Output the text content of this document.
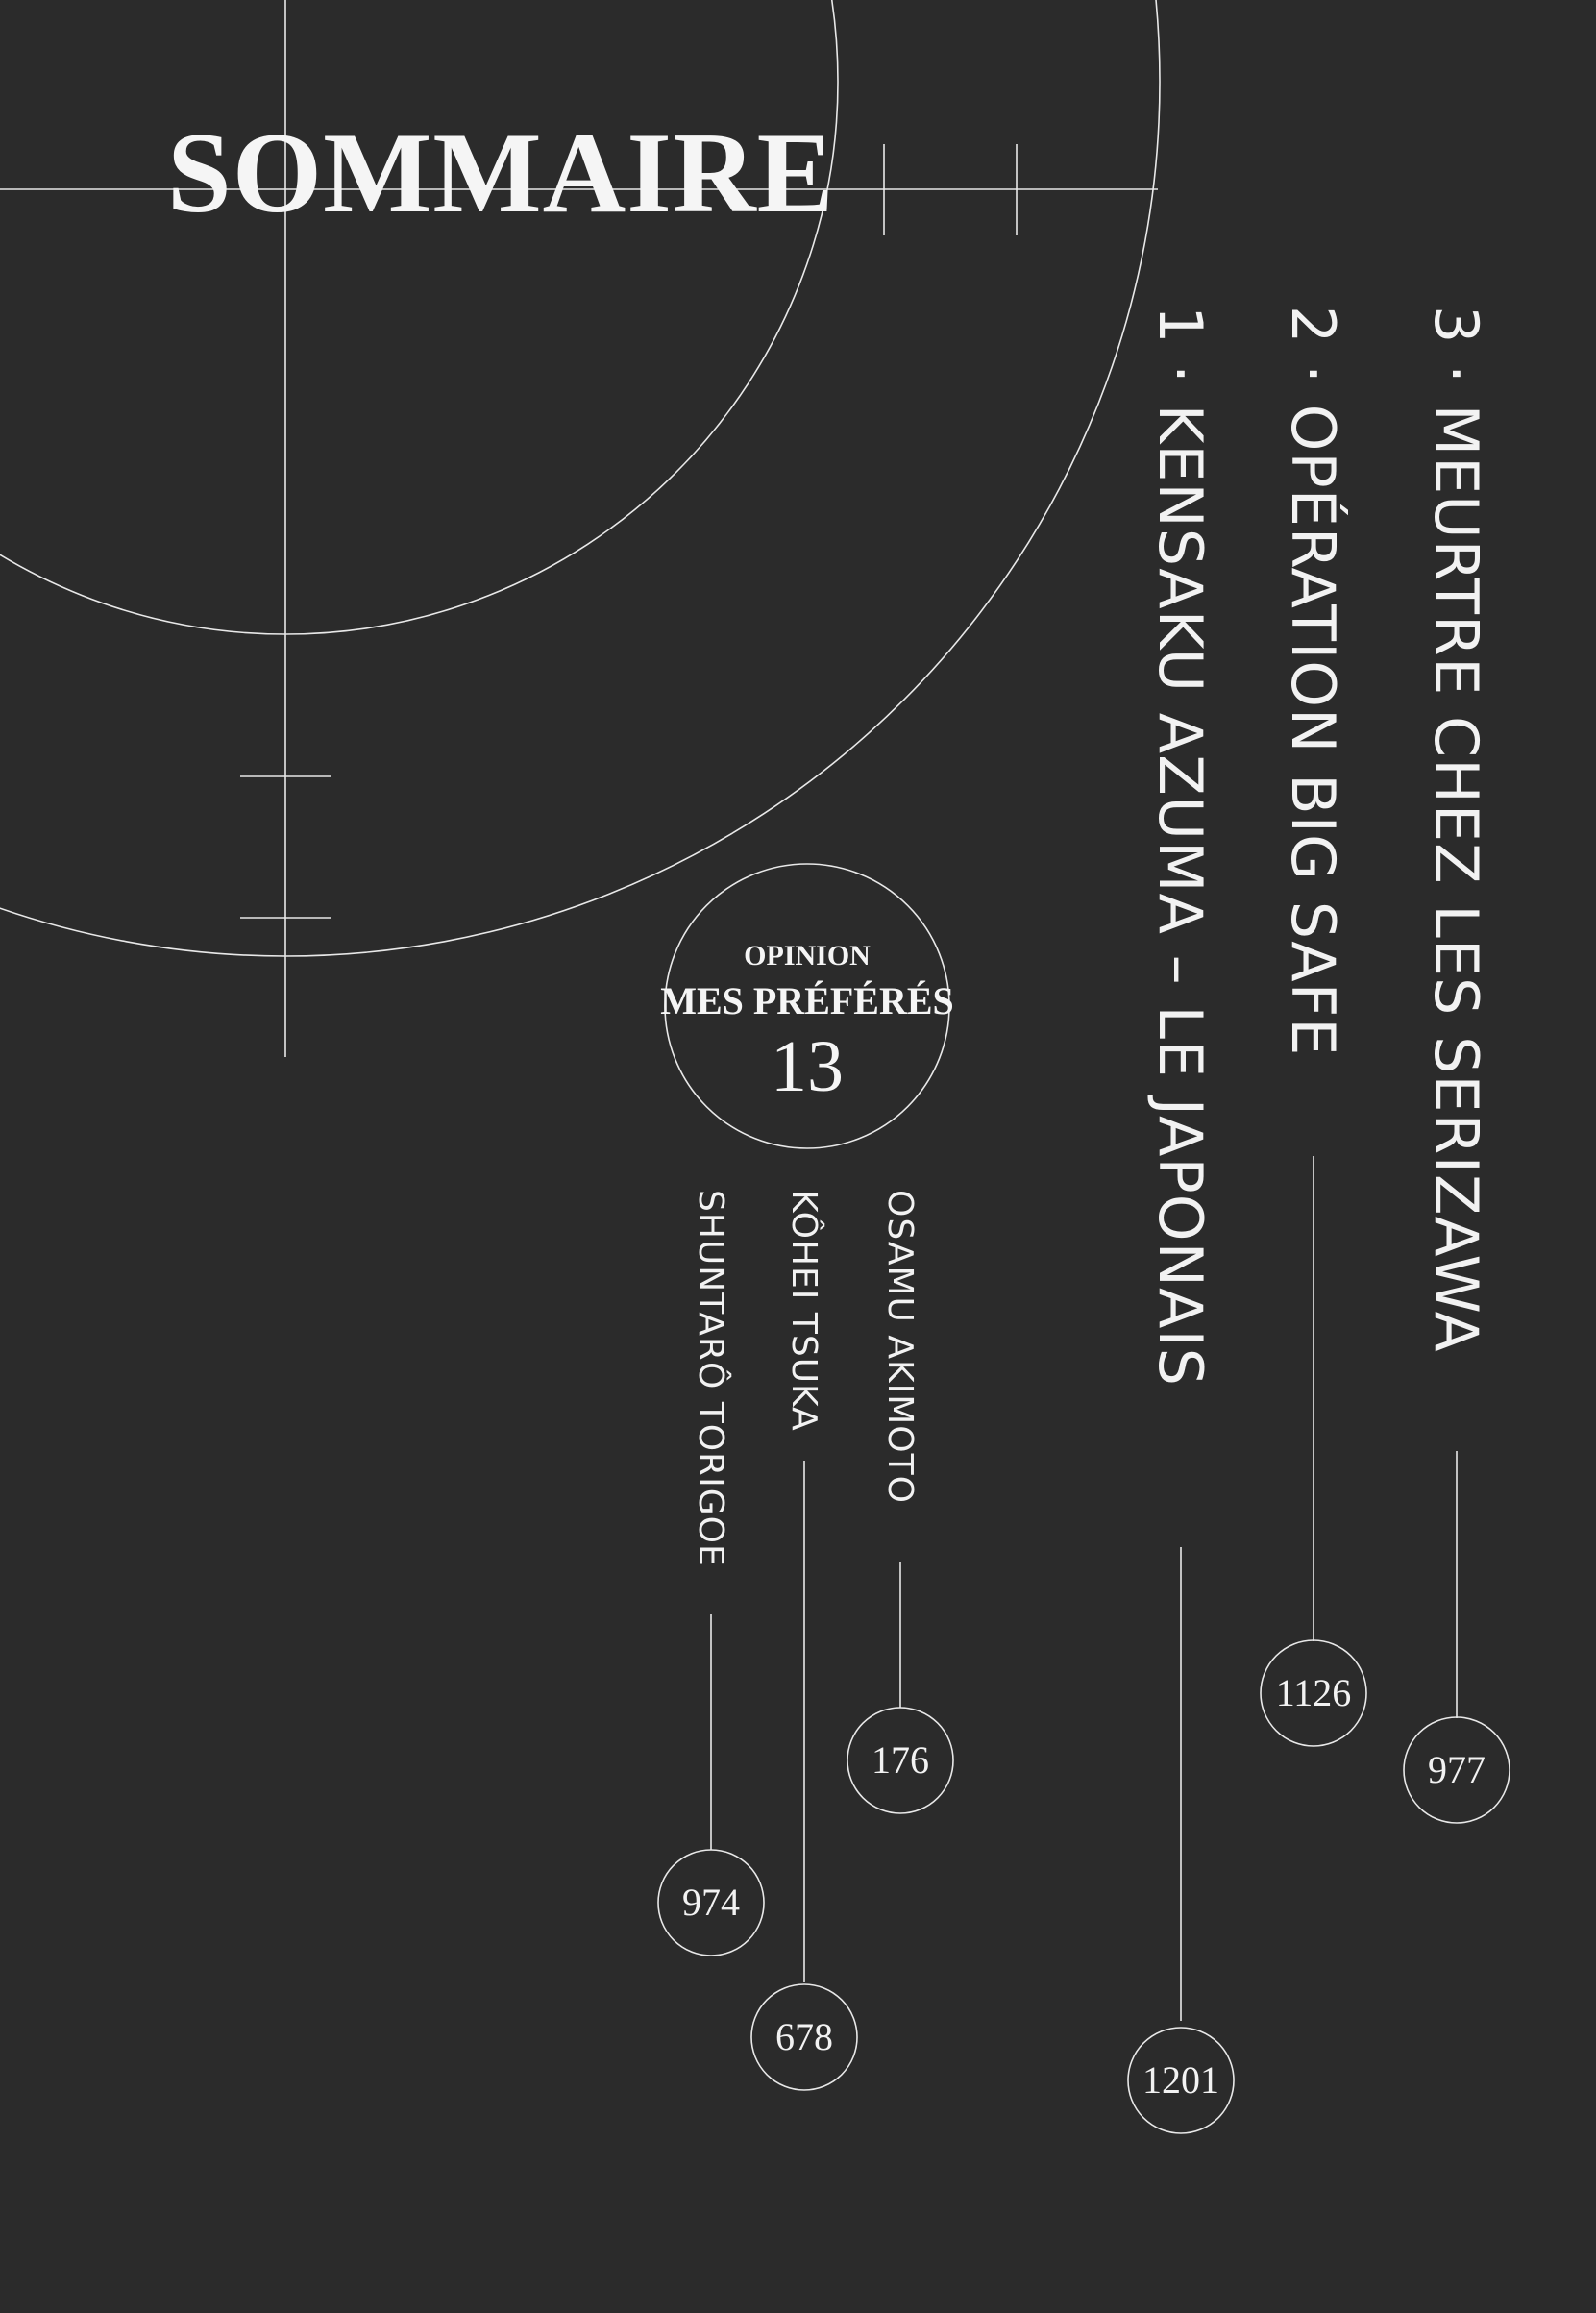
SOMMAIRE
OPINION
MES PRÉFÉRÉS
13	3 · MEURTRE CHEZ LES SERIZAWA
977
2 · OPÉRATION BIG SAFE
1126
1 · KENSAKU AZUMA – LE JAPONAIS
1201
OSAMU AKIMOTO
176
KÔHEI TSUKA
678
SHUNTARÔ TORIGOE
974
